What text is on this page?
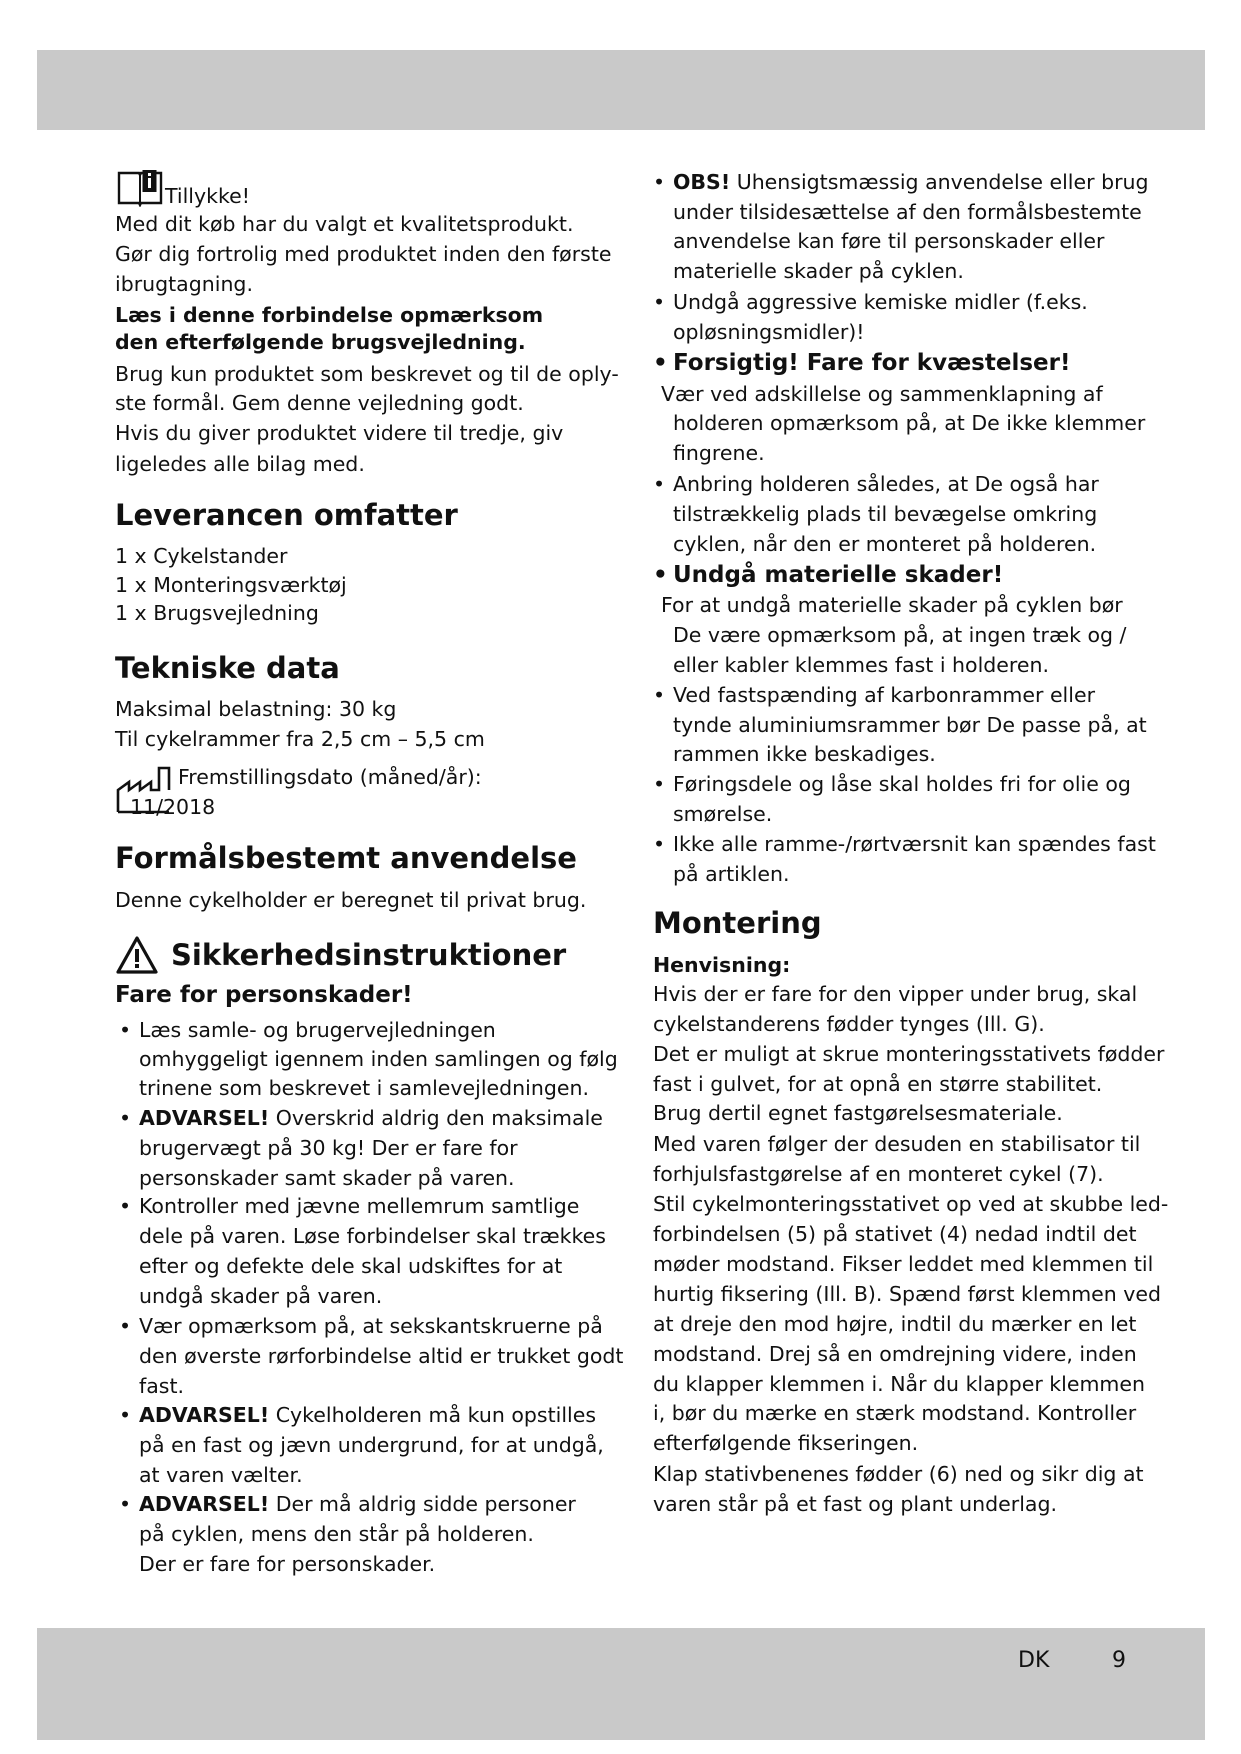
Tillykke!
Med dit køb har du valgt et kvalitetsprodukt.
Gør dig fortrolig med produktet inden den første
ibrugtagning.
Læs i denne forbindelse opmærksom
den efterfølgende brugsvejledning.
Brug kun produktet som beskrevet og til de oply-
ste formål. Gem denne vejledning godt.
Hvis du giver produktet videre til tredje, giv
ligeledes alle bilag med.
Leverancen omfatter
1 x Cykelstander
1 x Monteringsværktøj
1 x Brugsvejledning
Tekniske data
Maksimal belastning: 30 kg
Til cykelrammer fra 2,5 cm – 5,5 cm
Fremstillingsdato (måned/år):
11/2018
Formålsbestemt anvendelse
Denne cykelholder er beregnet til privat brug.
Sikkerhedsinstruktioner
Fare for personskader!
• Læs samle- og brugervejledningen
omhyggeligt igennem inden samlingen og følg
trinene som beskrevet i samlevejledningen.
• ADVARSEL! Overskrid aldrig den maksimale
brugervægt på 30 kg! Der er fare for
personskader samt skader på varen.
• Kontroller med jævne mellemrum samtlige
dele på varen. Løse forbindelser skal trækkes
efter og defekte dele skal udskiftes for at
undgå skader på varen.
• Vær opmærksom på, at sekskantskruerne på
den øverste rørforbindelse altid er trukket godt
fast.
• ADVARSEL! Cykelholderen må kun opstilles
på en fast og jævn undergrund, for at undgå,
at varen vælter.
• ADVARSEL! Der må aldrig sidde personer
på cyklen, mens den står på holderen.
Der er fare for personskader.
• OBS! Uhensigtsmæssig anvendelse eller brug
under tilsidesættelse af den formålsbestemte
anvendelse kan føre til personskader eller
materielle skader på cyklen.
• Undgå aggressive kemiske midler (f.eks.
opløsningsmidler)!
• Forsigtig! Fare for kvæstelser!
Vær ved adskillelse og sammenklapning af
holderen opmærksom på, at De ikke klemmer
fingrene.
• Anbring holderen således, at De også har
tilstrækkelig plads til bevægelse omkring
cyklen, når den er monteret på holderen.
• Undgå materielle skader!
For at undgå materielle skader på cyklen bør
De være opmærksom på, at ingen træk og /
eller kabler klemmes fast i holderen.
• Ved fastspænding af karbonrammer eller
tynde aluminiumsrammer bør De passe på, at
rammen ikke beskadiges.
• Føringsdele og låse skal holdes fri for olie og
smørelse.
• Ikke alle ramme-/rørtværsnit kan spændes fast
på artiklen.
Montering
Henvisning:
Hvis der er fare for den vipper under brug, skal
cykelstanderens fødder tynges (Ill. G).
Det er muligt at skrue monteringsstativets fødder
fast i gulvet, for at opnå en større stabilitet.
Brug dertil egnet fastgørelsesmateriale.
Med varen følger der desuden en stabilisator til
forhjulsfastgørelse af en monteret cykel (7).
Stil cykelmonteringsstativet op ved at skubbe led-
forbindelsen (5) på stativet (4) nedad indtil det
møder modstand. Fikser leddet med klemmen til
hurtig fiksering (Ill. B). Spænd først klemmen ved
at dreje den mod højre, indtil du mærker en let
modstand. Drej så en omdrejning videre, inden
du klapper klemmen i. Når du klapper klemmen
i, bør du mærke en stærk modstand. Kontroller
efterfølgende fikseringen.
Klap stativbenenes fødder (6) ned og sikr dig at
varen står på et fast og plant underlag.
DK	9
